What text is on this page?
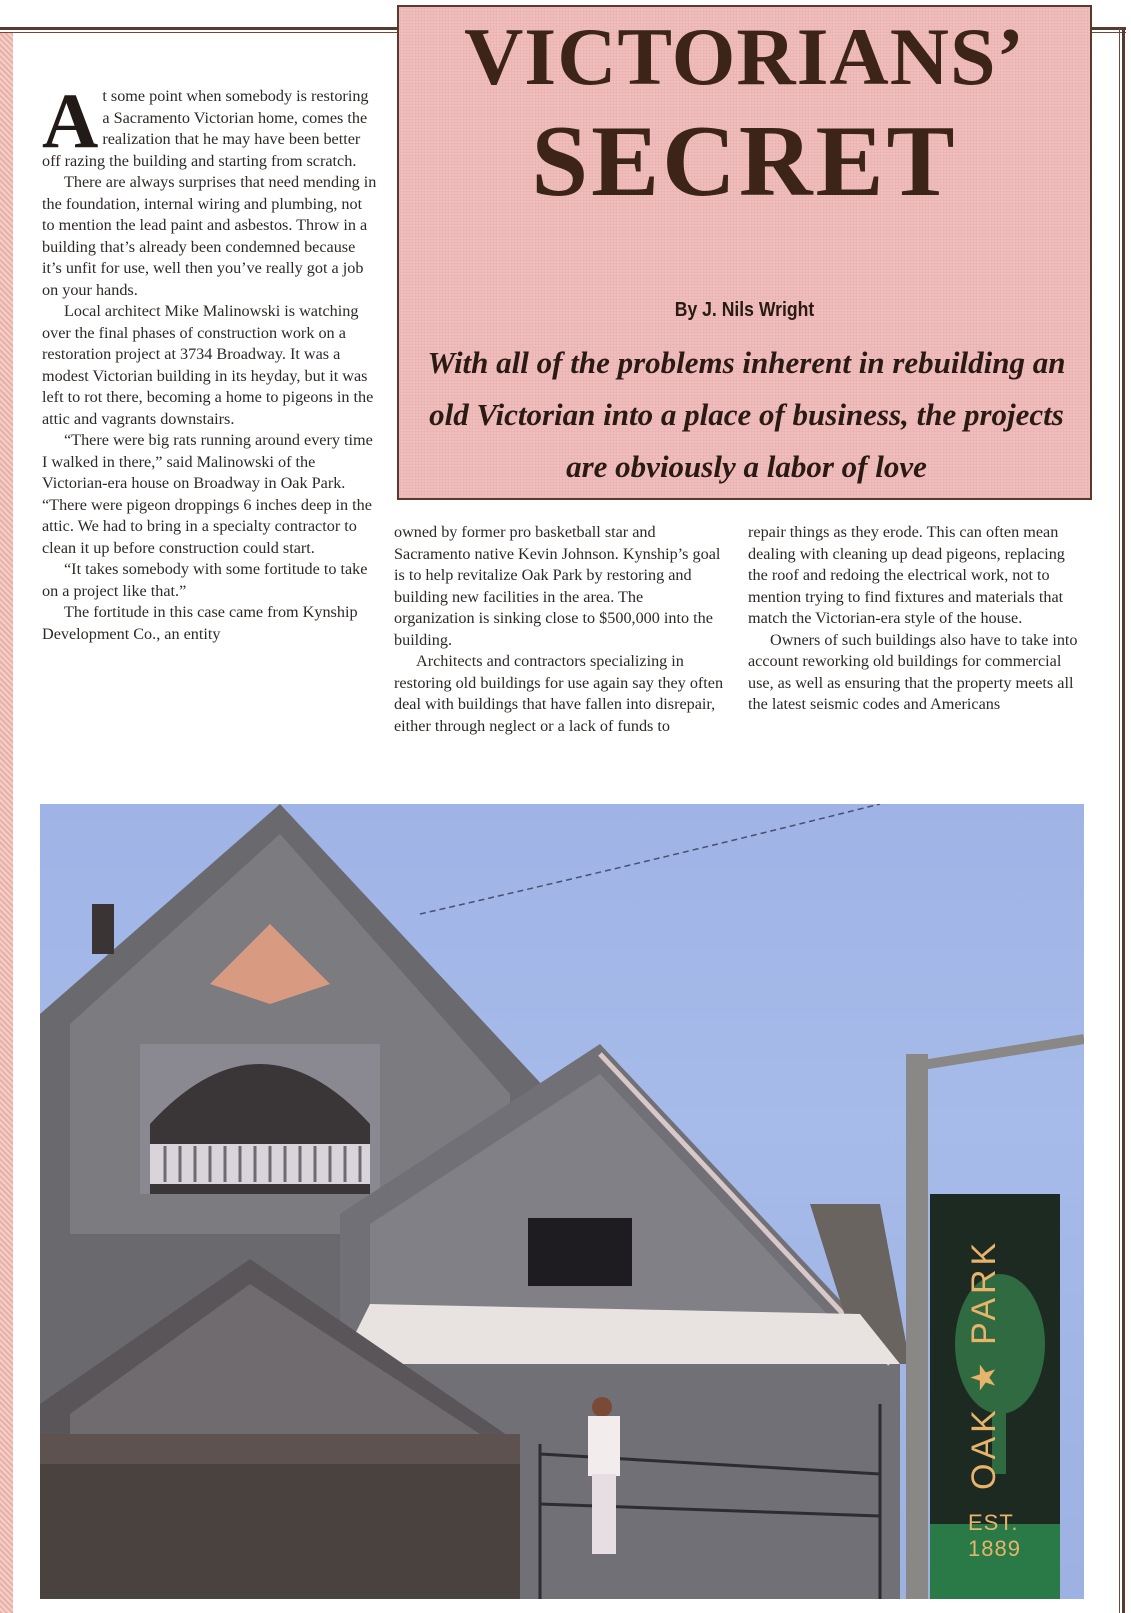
VICTORIANS’
SECRET
By J. Nils Wright
With all of the problems inherent in rebuilding an old Victorian into a place of business, the projects are obviously a labor of love

At some point when somebody is restoring a Sacramento Victorian home, comes the realization that he may have been better off razing the building and starting from scratch.

There are always surprises that need mending in the foundation, internal wiring and plumbing, not to mention the lead paint and asbestos. Throw in a building that’s already been condemned because it’s unfit for use, well then you’ve really got a job on your hands.

Local architect Mike Malinowski is watching over the final phases of construction work on a restoration project at 3734 Broadway. It was a modest Victorian building in its heyday, but it was left to rot there, becoming a home to pigeons in the attic and vagrants downstairs.

“There were big rats running around every time I walked in there,” said Malinowski of the Victorian-era house on Broadway in Oak Park. “There were pigeon droppings 6 inches deep in the attic. We had to bring in a specialty contractor to clean it up before construction could start.

“It takes somebody with some fortitude to take on a project like that.”

The fortitude in this case came from Kynship Development Co., an entity

owned by former pro basketball star and Sacramento native Kevin Johnson. Kynship’s goal is to help revitalize Oak Park by restoring and building new facilities in the area. The organization is sinking close to $500,000 into the building.

Architects and contractors specializing in restoring old buildings for use again say they often deal with buildings that have fallen into disrepair, either through neglect or a lack of funds to

repair things as they erode. This can often mean dealing with cleaning up dead pigeons, replacing the roof and redoing the electrical work, not to mention trying to find fixtures and materials that match the Victorian-era style of the house.

Owners of such buildings also have to take into account reworking old buildings for commercial use, as well as ensuring that the property meets all the latest seismic codes and Americans

EST. 1889
